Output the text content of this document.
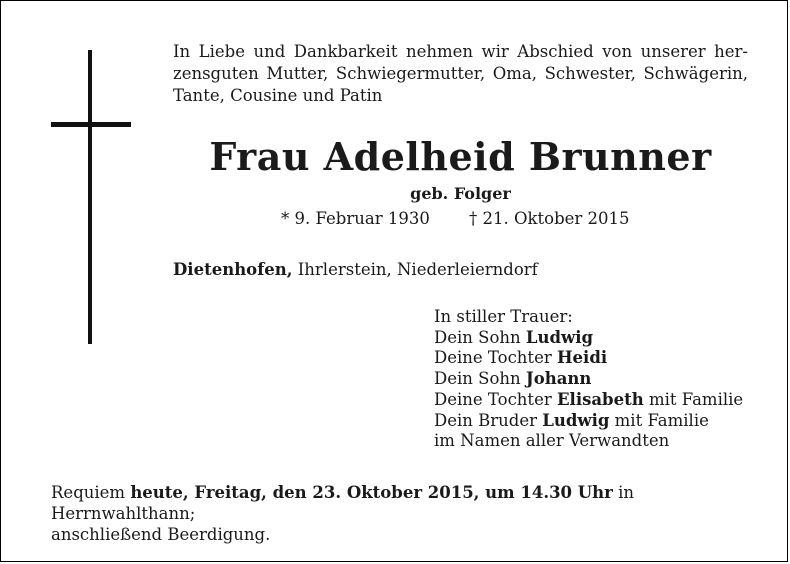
In Liebe und Dankbarkeit nehmen wir Abschied von unserer her-
zensguten Mutter, Schwiegermutter, Oma, Schwester, Schwägerin,
Tante, Cousine und Patin
Frau Adelheid Brunner
geb. Folger
* 9. Februar 1930 † 21. Oktober 2015
Dietenhofen, Ihrlerstein, Niederleierndorf
In stiller Trauer:
Dein Sohn Ludwig
Deine Tochter Heidi
Dein Sohn Johann
Deine Tochter Elisabeth mit Familie
Dein Bruder Ludwig mit Familie
im Namen aller Verwandten
Requiem heute, Freitag, den 23. Oktober 2015, um 14.30 Uhr in Herrnwahlthann;
anschließend Beerdigung.
